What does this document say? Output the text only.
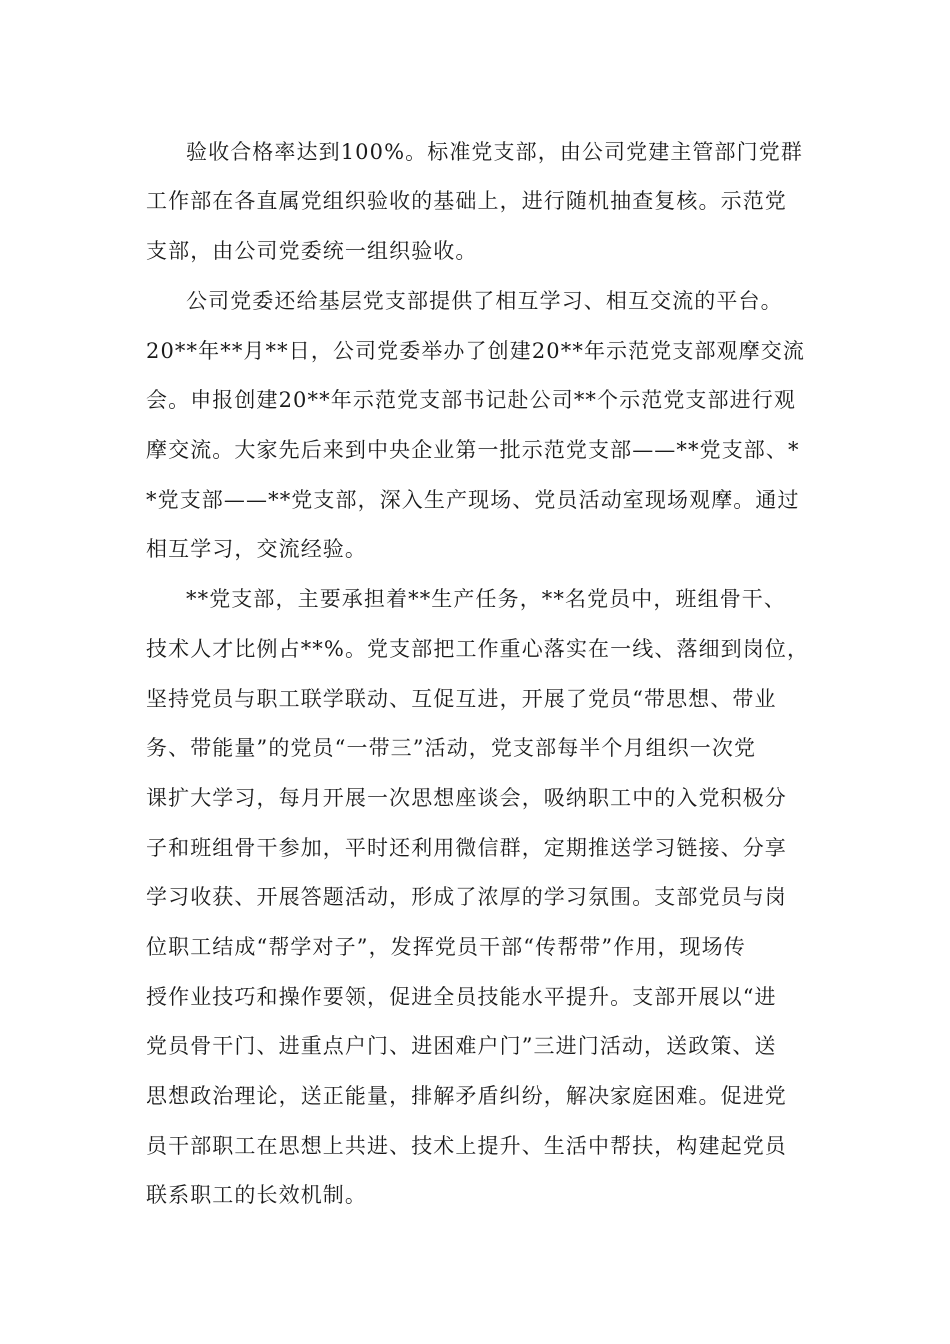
验收合格率达到100%。标准党支部，由公司党建主管部门党群
工作部在各直属党组织验收的基础上，进行随机抽查复核。示范党
支部，由公司党委统一组织验收。
公司党委还给基层党支部提供了相互学习、相互交流的平台。
20**年**月**日，公司党委举办了创建20**年示范党支部观摩交流
会。申报创建20**年示范党支部书记赴公司**个示范党支部进行观
摩交流。大家先后来到中央企业第一批示范党支部——**党支部、*
*党支部——**党支部，深入生产现场、党员活动室现场观摩。通过
相互学习，交流经验。
**党支部，主要承担着**生产任务，**名党员中，班组骨干、
技术人才比例占**%。党支部把工作重心落实在一线、落细到岗位，
坚持党员与职工联学联动、互促互进，开展了党员“带思想、带业
务、带能量”的党员“一带三”活动，党支部每半个月组织一次党
课扩大学习，每月开展一次思想座谈会，吸纳职工中的入党积极分
子和班组骨干参加，平时还利用微信群，定期推送学习链接、分享
学习收获、开展答题活动，形成了浓厚的学习氛围。支部党员与岗
位职工结成“帮学对子”，发挥党员干部“传帮带”作用，现场传
授作业技巧和操作要领，促进全员技能水平提升。支部开展以“进
党员骨干门、进重点户门、进困难户门”三进门活动，送政策、送
思想政治理论，送正能量，排解矛盾纠纷，解决家庭困难。促进党
员干部职工在思想上共进、技术上提升、生活中帮扶，构建起党员
联系职工的长效机制。
